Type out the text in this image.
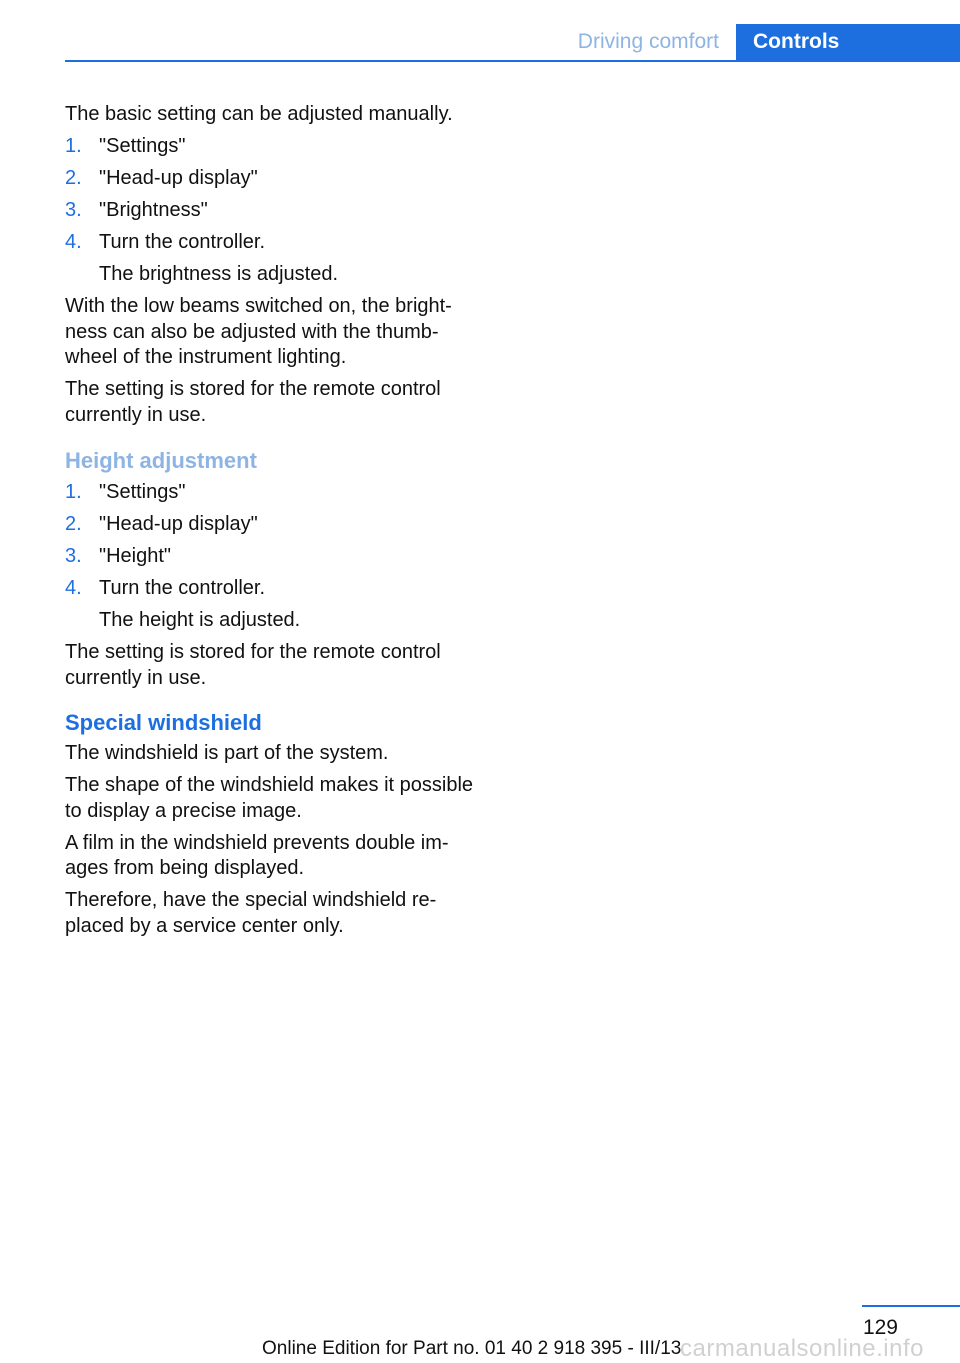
Driving comfort Controls

The basic setting can be adjusted manually.

1. "Settings"
2. "Head-up display"
3. "Brightness"
4. Turn the controller.
The brightness is adjusted.

With the low beams switched on, the bright‐ness can also be adjusted with the thumb‐wheel of the instrument lighting.

The setting is stored for the remote control currently in use.

Height adjustment
1. "Settings"
2. "Head-up display"
3. "Height"
4. Turn the controller.
The height is adjusted.

The setting is stored for the remote control currently in use.

Special windshield

The windshield is part of the system.

The shape of the windshield makes it possible to display a precise image.

A film in the windshield prevents double im‐ages from being displayed.

Therefore, have the special windshield re‐placed by a service center only.

129
Online Edition for Part no. 01 40 2 918 395 - III/13
carmanualsonline.info
